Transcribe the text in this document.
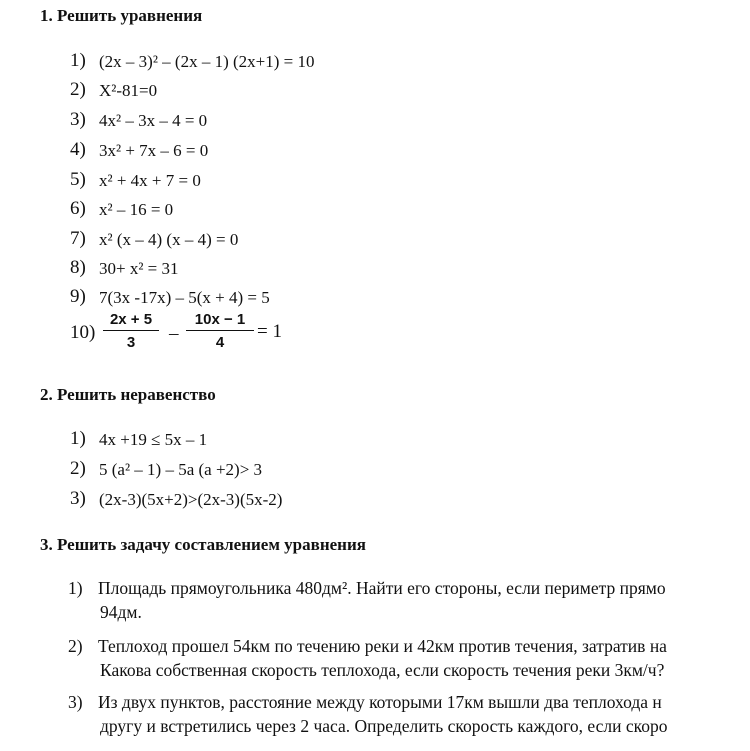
1. Решить уравнения
1) (2x – 3)² – (2x – 1) (2x+1) = 10
2) X²-81=0
3) 4x² – 3x – 4 = 0
4) 3x² + 7x – 6 = 0
5) x² + 4x + 7 = 0
6) x² – 16 = 0
7) x² (x – 4) (x – 4) = 0
8) 30+ x² = 31
9) 7(3x -17x) – 5(x + 4) = 5
10)
2x + 5
3 –
10x − 1
4
= 1
2. Решить неравенство
1) 4x +19 ≤ 5x – 1
2) 5 (a² – 1) – 5a (a +2)> 3
3) (2x-3)(5x+2)>(2x-3)(5x-2)
3. Решить задачу составлением уравнения
1) Площадь прямоугольника 480дм². Найти его стороны, если периметр прямо
94дм.
2) Теплоход прошел 54км по течению реки и 42км против течения, затратив на
Какова собственная скорость теплохода, если скорость течения реки 3км/ч?
3) Из двух пунктов, расстояние между которыми 17км вышли два теплохода н
другу и встретились через 2 часа. Определить скорость каждого, если скоро
